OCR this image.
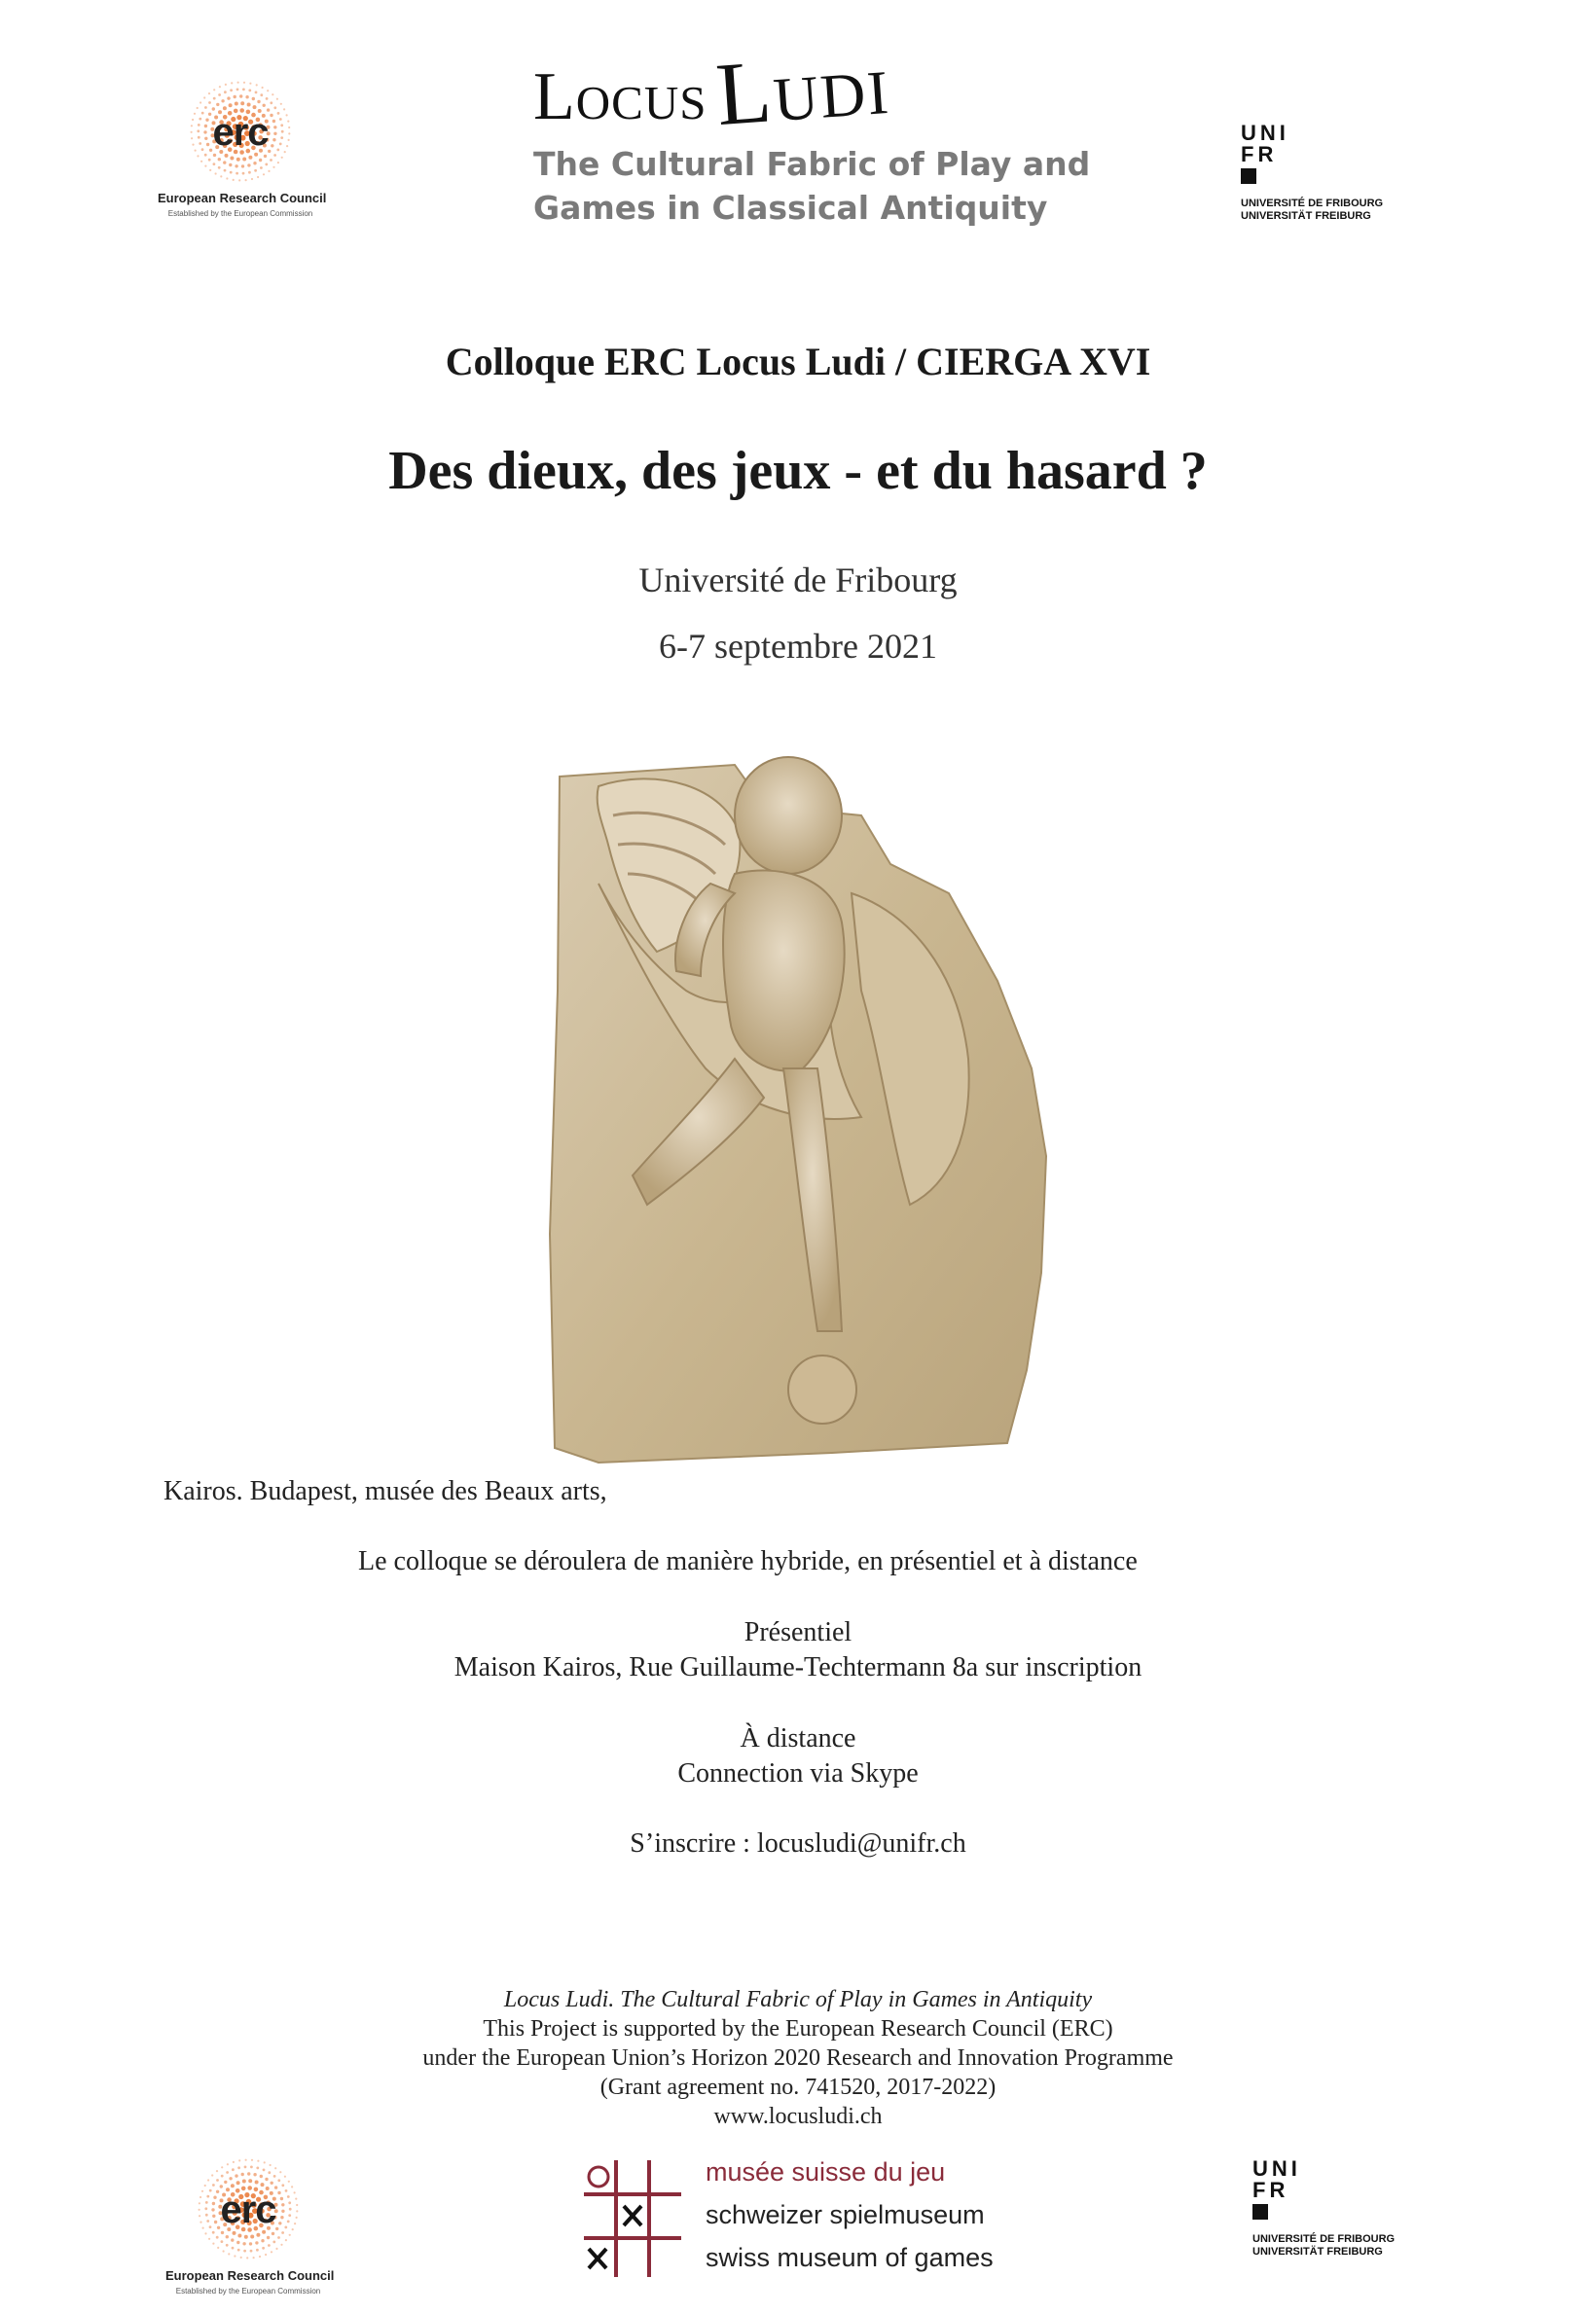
erc
European Research Council
Established by the European Commission
LocusLudi
The Cultural Fabric of Play and
Games in Classical Antiquity
UNI
FR
UNIVERSITÉ DE FRIBOURG
UNIVERSITÄT FREIBURG
Colloque ERC Locus Ludi / CIERGA XVI
Des dieux, des jeux - et du hasard ?
Université de Fribourg
6-7 septembre 2021
Kairos. Budapest, musée des Beaux arts,
Le colloque se déroulera de manière hybride, en présentiel et à distance
Présentiel
Maison Kairos, Rue Guillaume-Techtermann 8a sur inscription
À distance
Connection via Skype
S’inscrire : locusludi@unifr.ch
Locus Ludi. The Cultural Fabric of Play in Games in Antiquity
This Project is supported by the European Research Council (ERC)
under the European Union’s Horizon 2020 Research and Innovation Programme
(Grant agreement no. 741520, 2017-2022)
www.locusludi.ch
erc
European Research Council
Established by the European Commission
musée suisse du jeu
schweizer spielmuseum
swiss museum of games
UNI
FR
UNIVERSITÉ DE FRIBOURG
UNIVERSITÄT FREIBURG
